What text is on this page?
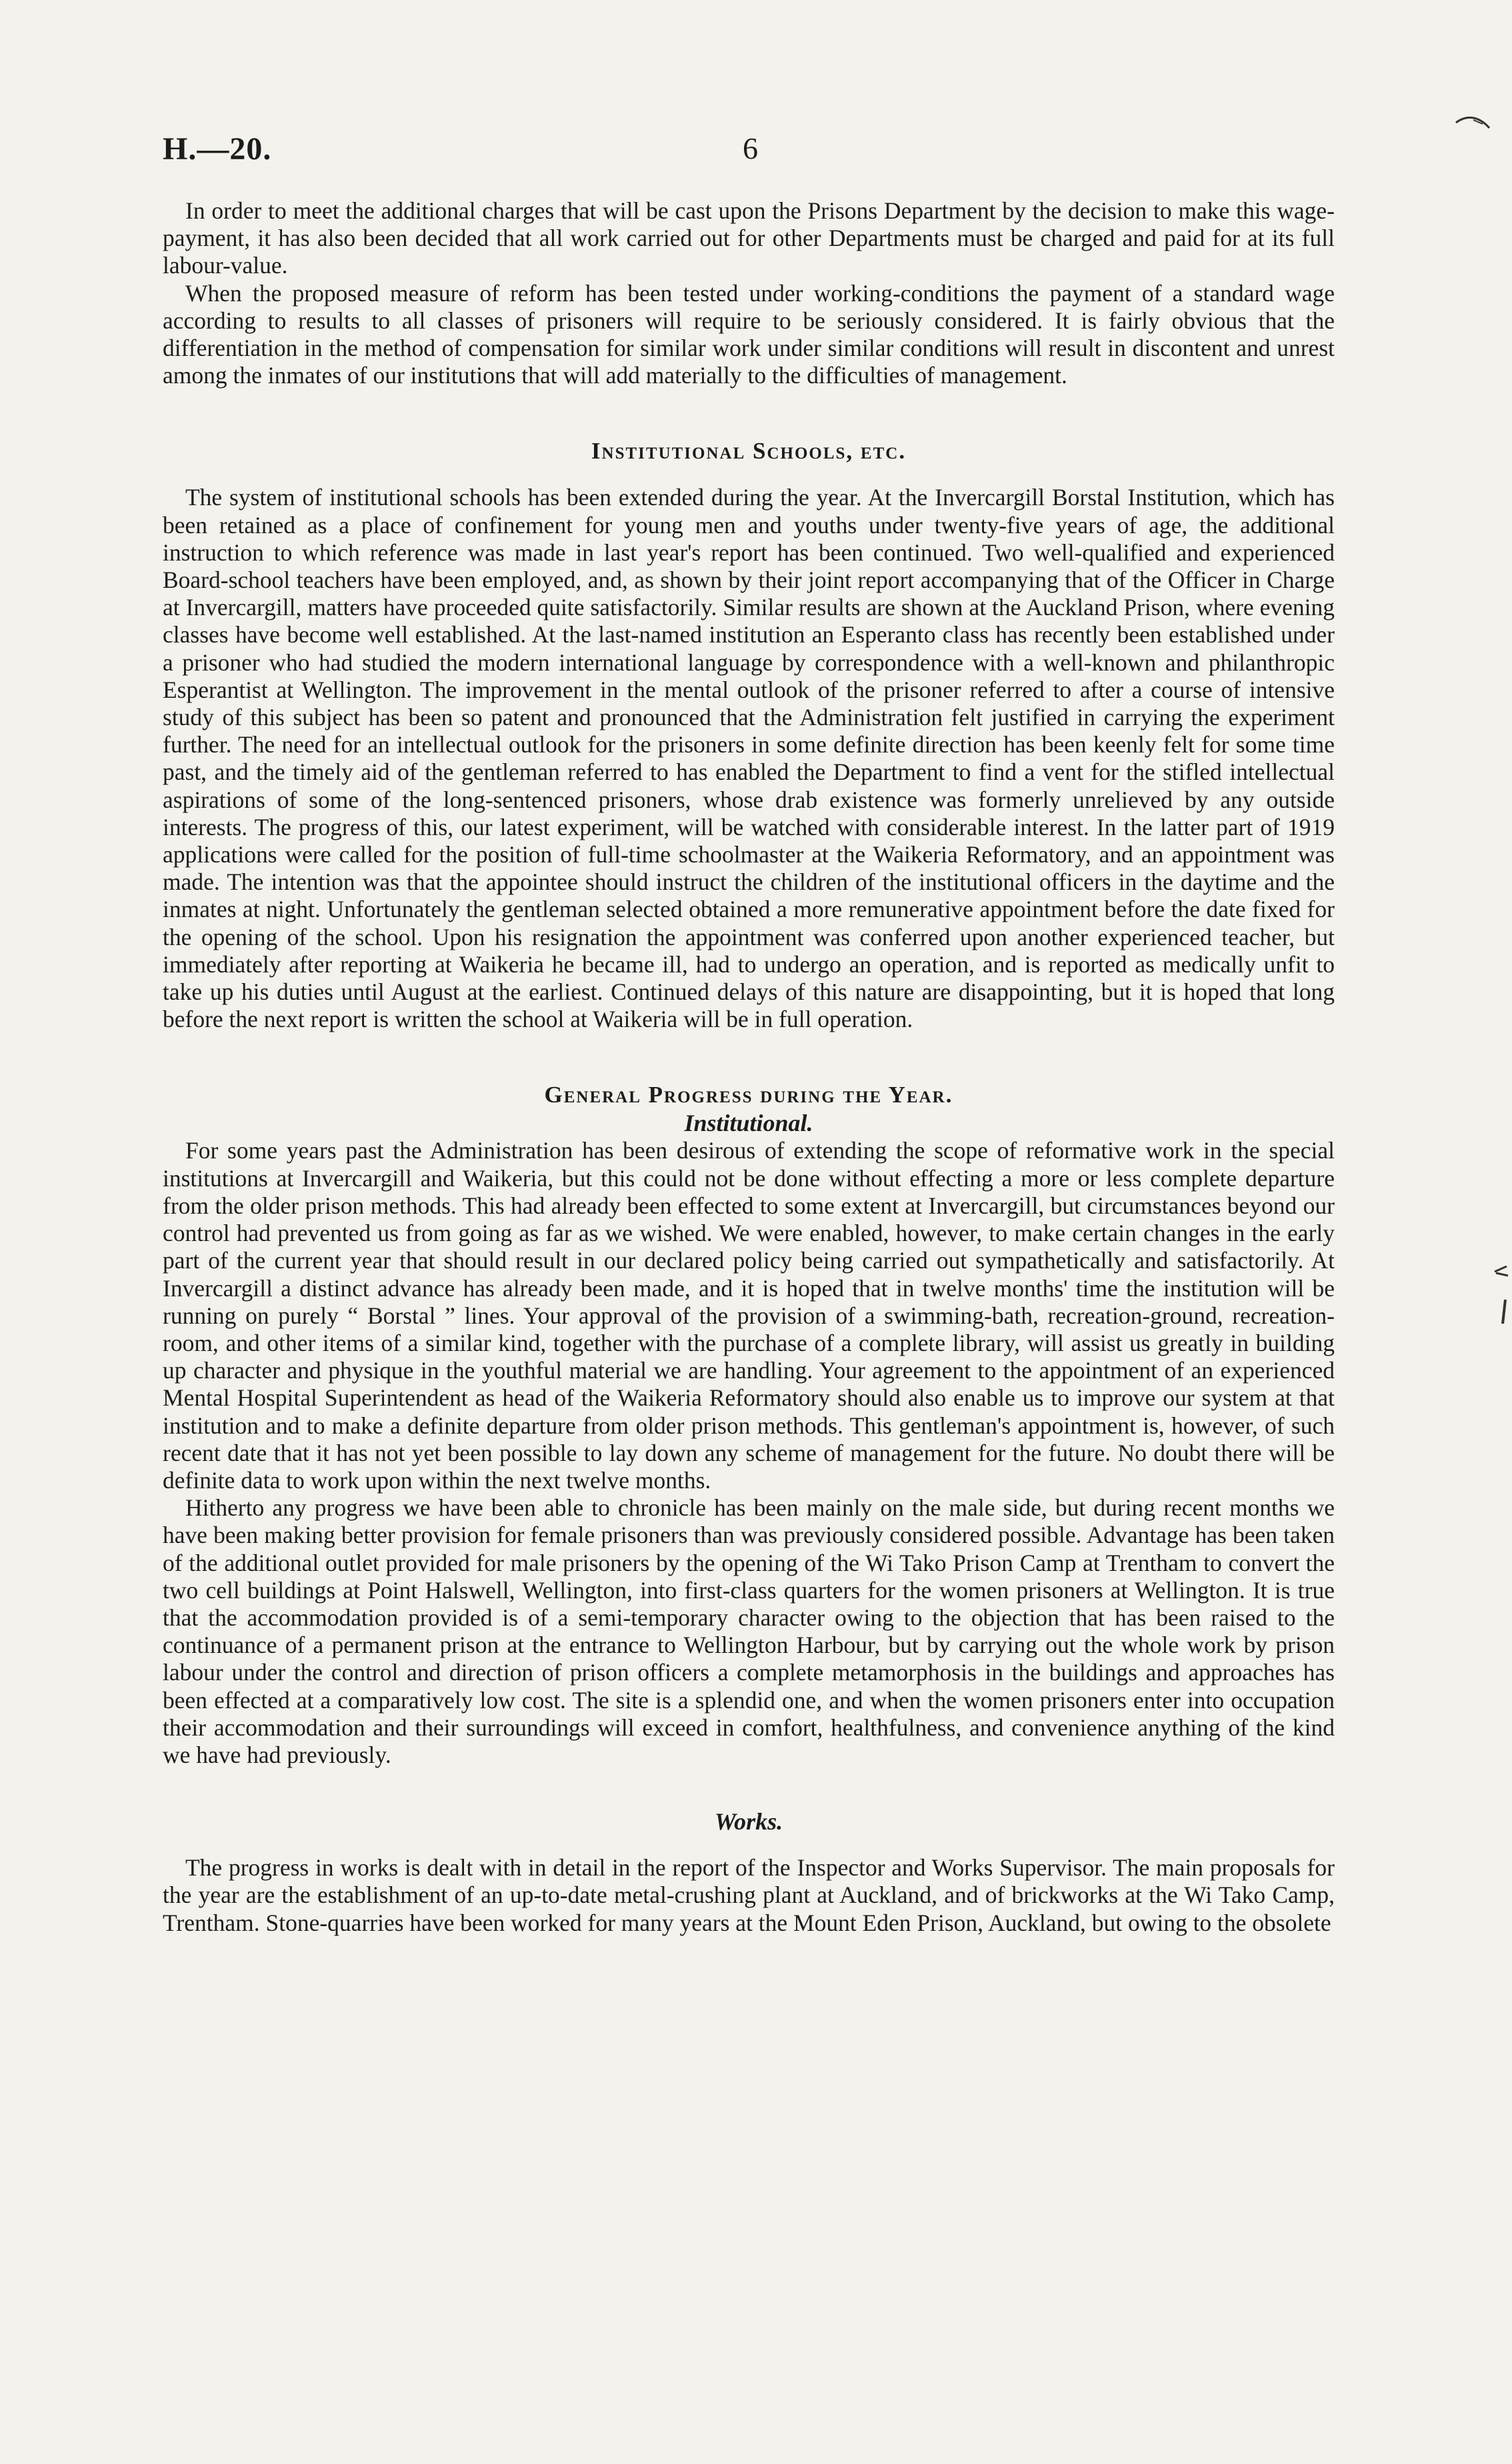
H.—20.	6

In order to meet the additional charges that will be cast upon the Prisons Department by the decision to make this wage-payment, it has also been decided that all work carried out for other Departments must be charged and paid for at its full labour-value.

When the proposed measure of reform has been tested under working-conditions the payment of a standard wage according to results to all classes of prisoners will require to be seriously considered. It is fairly obvious that the differentiation in the method of compensation for similar work under similar conditions will result in discontent and unrest among the inmates of our institutions that will add materially to the difficulties of management.

Institutional Schools, etc.

The system of institutional schools has been extended during the year. At the Invercargill Borstal Institution, which has been retained as a place of confinement for young men and youths under twenty-five years of age, the additional instruction to which reference was made in last year's report has been continued. Two well-qualified and experienced Board-school teachers have been employed, and, as shown by their joint report accompanying that of the Officer in Charge at Invercargill, matters have proceeded quite satisfactorily. Similar results are shown at the Auckland Prison, where evening classes have become well established. At the last-named institution an Esperanto class has recently been established under a prisoner who had studied the modern international language by correspondence with a well-known and philanthropic Esperantist at Wellington. The improvement in the mental outlook of the prisoner referred to after a course of intensive study of this subject has been so patent and pronounced that the Administration felt justified in carrying the experiment further. The need for an intellectual outlook for the prisoners in some definite direction has been keenly felt for some time past, and the timely aid of the gentleman referred to has enabled the Department to find a vent for the stifled intellectual aspirations of some of the long-sentenced prisoners, whose drab existence was formerly unrelieved by any outside interests. The progress of this, our latest experiment, will be watched with considerable interest. In the latter part of 1919 applications were called for the position of full-time schoolmaster at the Waikeria Reformatory, and an appointment was made. The intention was that the appointee should instruct the children of the institutional officers in the daytime and the inmates at night. Unfortunately the gentleman selected obtained a more remunerative appointment before the date fixed for the opening of the school. Upon his resignation the appointment was conferred upon another experienced teacher, but immediately after reporting at Waikeria he became ill, had to undergo an operation, and is reported as medically unfit to take up his duties until August at the earliest. Continued delays of this nature are disappointing, but it is hoped that long before the next report is written the school at Waikeria will be in full operation.

General Progress during the Year.
Institutional.

For some years past the Administration has been desirous of extending the scope of reformative work in the special institutions at Invercargill and Waikeria, but this could not be done without effecting a more or less complete departure from the older prison methods. This had already been effected to some extent at Invercargill, but circumstances beyond our control had prevented us from going as far as we wished. We were enabled, however, to make certain changes in the early part of the current year that should result in our declared policy being carried out sympathetically and satisfactorily. At Invercargill a distinct advance has already been made, and it is hoped that in twelve months' time the institution will be running on purely “ Borstal ” lines. Your approval of the provision of a swimming-bath, recreation-ground, recreation-room, and other items of a similar kind, together with the purchase of a complete library, will assist us greatly in building up character and physique in the youthful material we are handling. Your agreement to the appointment of an experienced Mental Hospital Superintendent as head of the Waikeria Reformatory should also enable us to improve our system at that institution and to make a definite departure from older prison methods. This gentleman's appointment is, however, of such recent date that it has not yet been possible to lay down any scheme of management for the future. No doubt there will be definite data to work upon within the next twelve months.

Hitherto any progress we have been able to chronicle has been mainly on the male side, but during recent months we have been making better provision for female prisoners than was previously considered possible. Advantage has been taken of the additional outlet provided for male prisoners by the opening of the Wi Tako Prison Camp at Trentham to convert the two cell buildings at Point Halswell, Wellington, into first-class quarters for the women prisoners at Wellington. It is true that the accommodation provided is of a semi-temporary character owing to the objection that has been raised to the continuance of a permanent prison at the entrance to Wellington Harbour, but by carrying out the whole work by prison labour under the control and direction of prison officers a complete metamorphosis in the buildings and approaches has been effected at a comparatively low cost. The site is a splendid one, and when the women prisoners enter into occupation their accommodation and their surroundings will exceed in comfort, healthfulness, and convenience anything of the kind we have had previously.

Works.

The progress in works is dealt with in detail in the report of the Inspector and Works Supervisor. The main proposals for the year are the establishment of an up-to-date metal-crushing plant at Auckland, and of brickworks at the Wi Tako Camp, Trentham. Stone-quarries have been worked for many years at the Mount Eden Prison, Auckland, but owing to the obsolete
